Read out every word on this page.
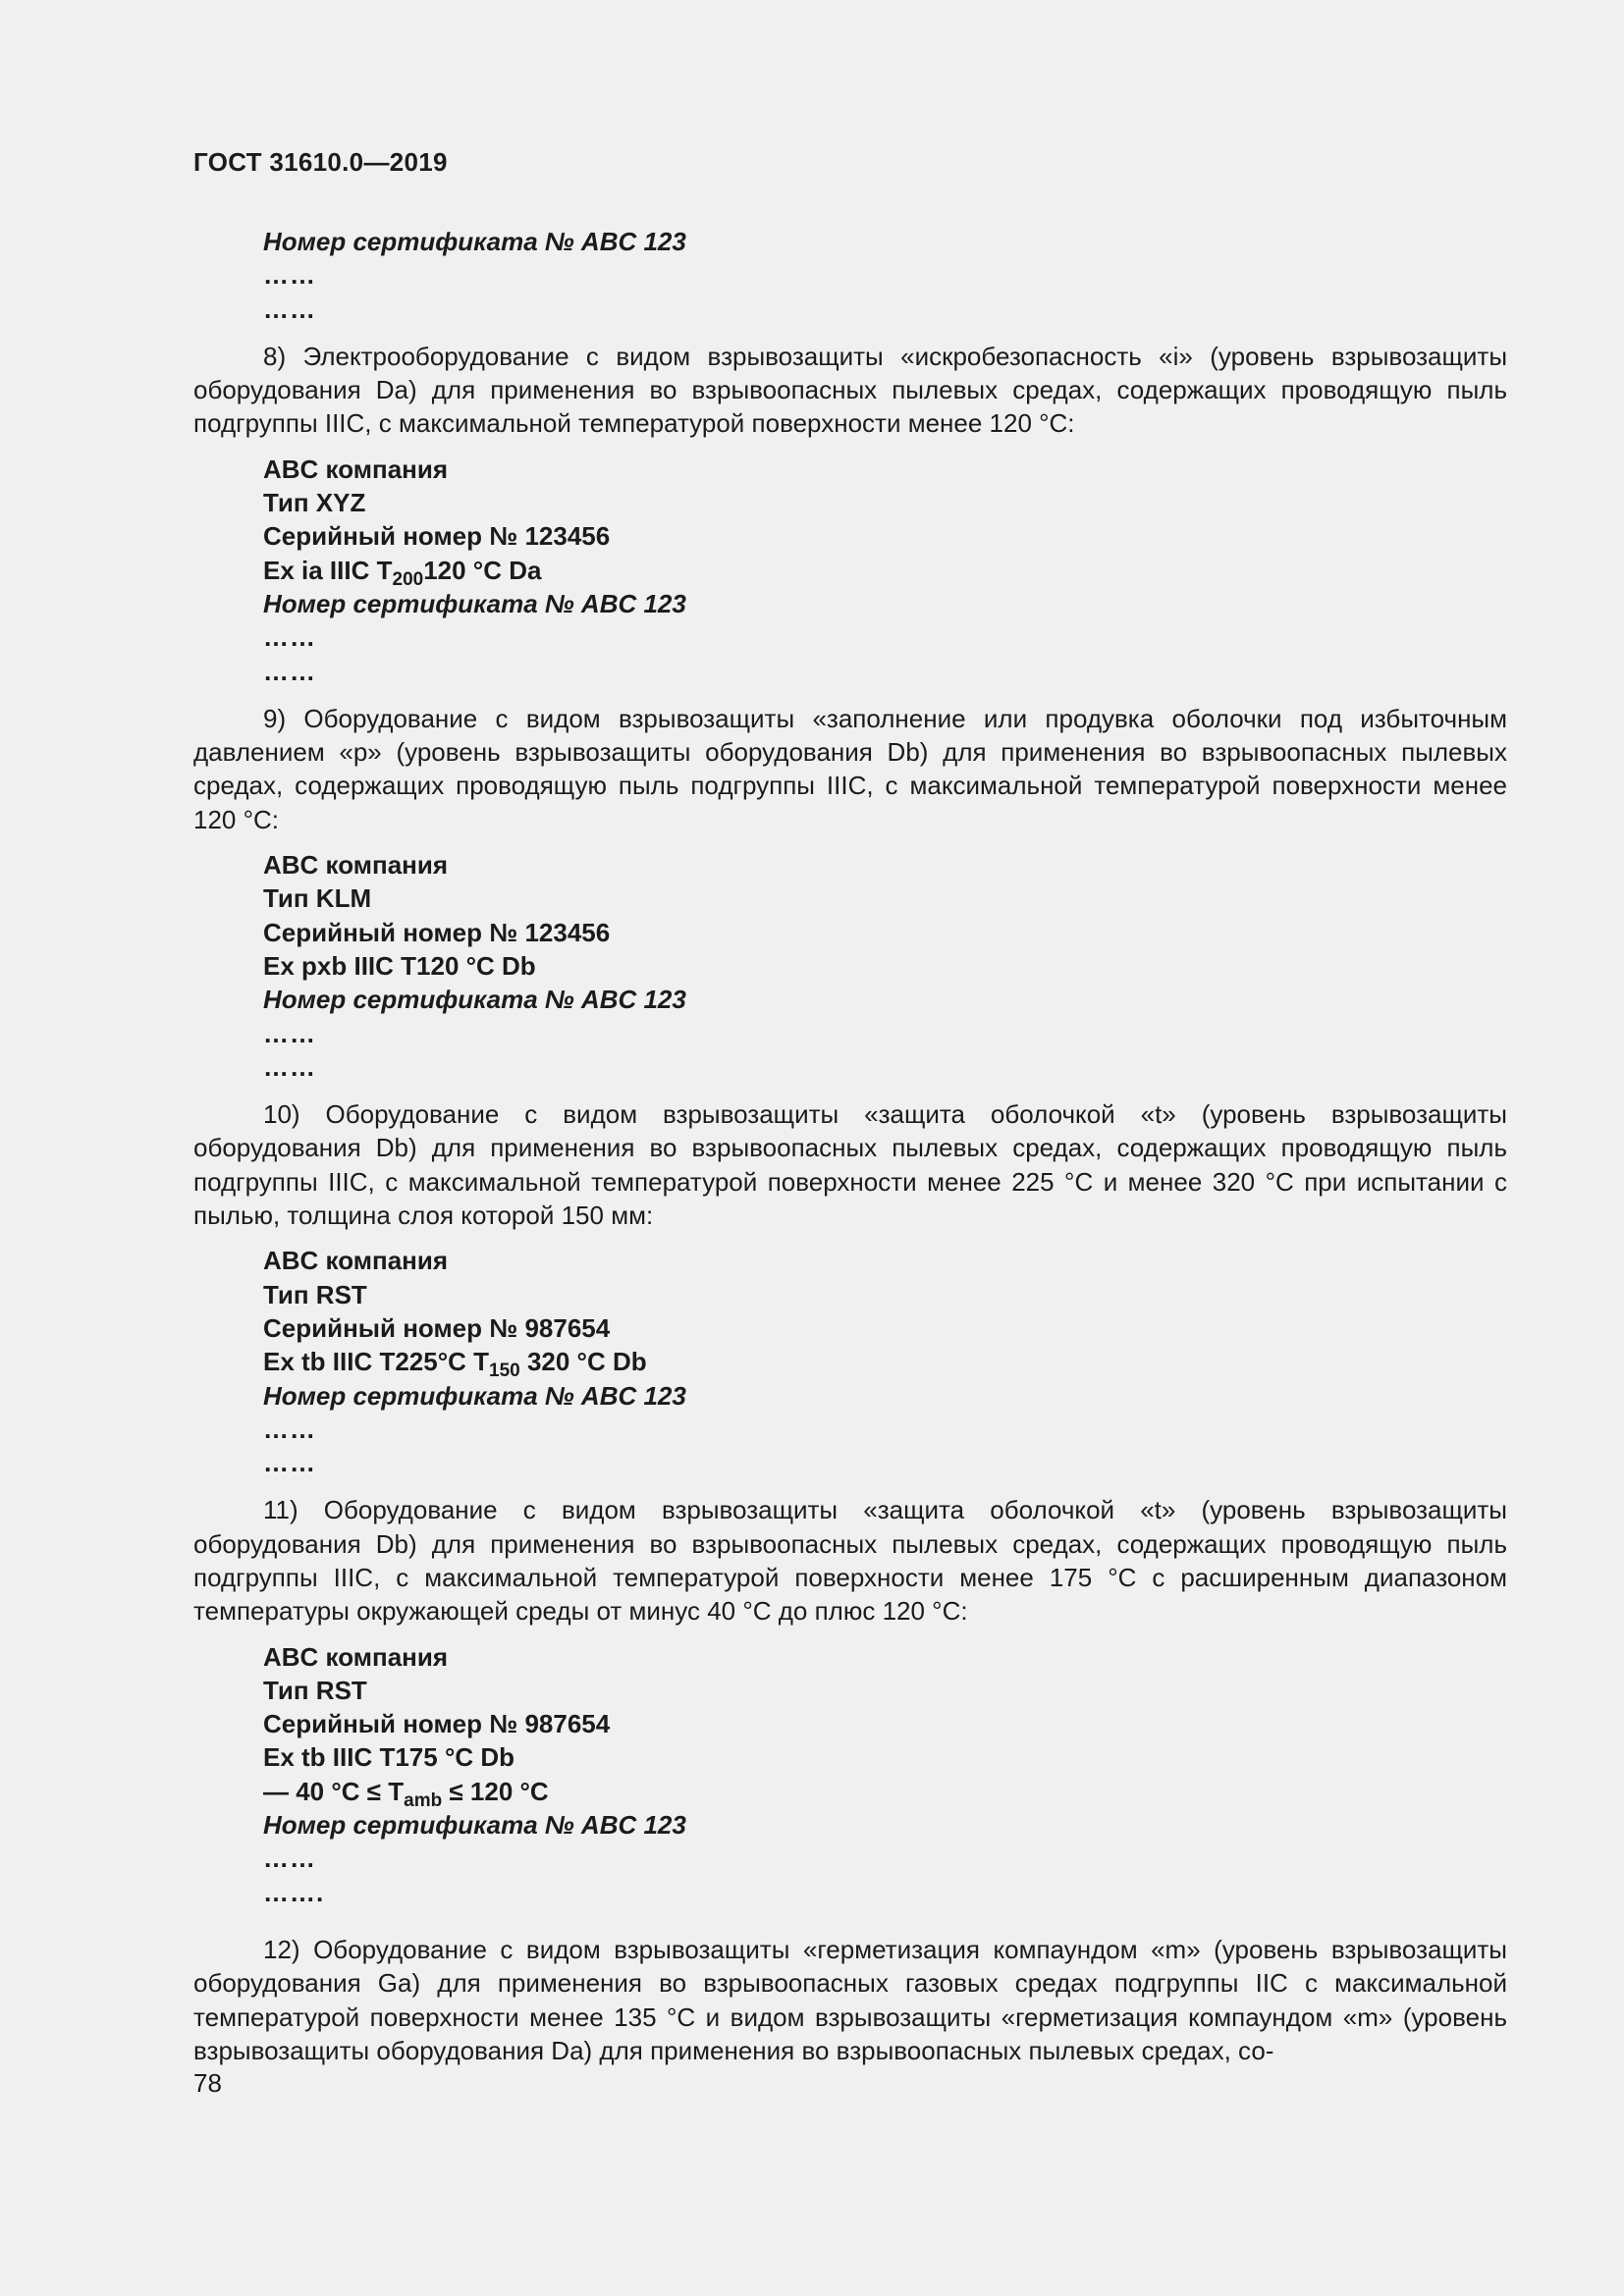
ГОСТ 31610.0—2019
Номер сертификата № ABC 123
……
……

8) Электрооборудование с видом взрывозащиты «искробезопасность «i» (уровень взрывозащиты оборудования Da) для применения во взрывоопасных пылевых средах, содержащих проводящую пыль подгруппы IIIC, с максимальной температурой поверхности менее 120 °С:

ABC компания
Тип XYZ
Серийный номер № 123456
Ex ia IIIC $T_{200}120$ °C Da
Номер сертификата № ABC 123
……
……

9) Оборудование с видом взрывозащиты «заполнение или продувка оболочки под избыточным давлением «р» (уровень взрывозащиты оборудования Db) для применения во взрывоопасных пылевых средах, содержащих проводящую пыль подгруппы IIIC, с максимальной температурой поверхности менее 120 °С:

ABC компания
Тип KLM
Серийный номер № 123456
Ex pxb IIIC T120 °C Db
Номер сертификата № ABC 123
……
……

10) Оборудование с видом взрывозащиты «защита оболочкой «t» (уровень взрывозащиты оборудования Db) для применения во взрывоопасных пылевых средах, содержащих проводящую пыль подгруппы IIIC, с максимальной температурой поверхности менее 225 °С и менее 320 °С при испытании с пылью, толщина слоя которой 150 мм:

ABC компания
Тип RST
Серийный номер № 987654
Ex tb IIIC T225°C $T_{150}$ 320 °C Db
Номер сертификата № ABC 123
……
……

11) Оборудование с видом взрывозащиты «защита оболочкой «t» (уровень взрывозащиты оборудования Db) для применения во взрывоопасных пылевых средах, содержащих проводящую пыль подгруппы IIIC, с максимальной температурой поверхности менее 175 °С с расширенным диапазоном температуры окружающей среды от минус 40 °С до плюс 120 °С:

ABC компания
Тип RST
Серийный номер № 987654
Ex tb IIIC T175 °C Db
— 40 $^\circ C \le T_{amb} \le 120$ °C
Номер сертификата № ABC 123
……
…….

12) Оборудование с видом взрывозащиты «герметизация компаундом «m» (уровень взрывозащиты оборудования Ga) для применения во взрывоопасных газовых средах подгруппы IIC с максимальной температурой поверхности менее 135 °С и видом взрывозащиты «герметизация компаундом «m» (уровень взрывозащиты оборудования Da) для применения во взрывоопасных пылевых средах, со-

78
